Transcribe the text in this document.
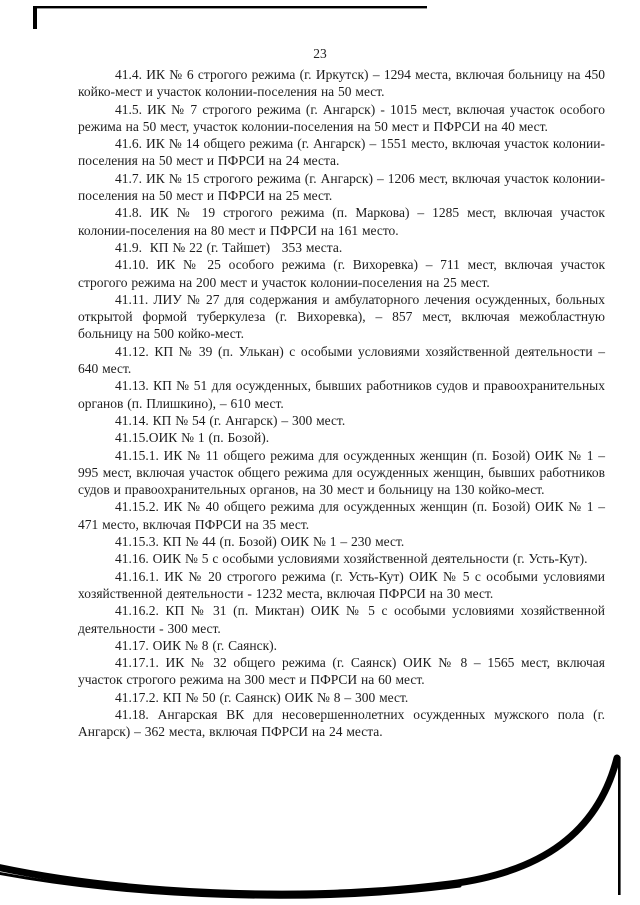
23

41.4. ИК № 6 строгого режима (г. Иркутск) – 1294 места, включая больницу на 450 койко-мест и участок колонии-поселения на 50 мест.

41.5. ИК № 7 строгого режима (г. Ангарск) - 1015 мест, включая участок особого режима на 50 мест, участок колонии-поселения на 50 мест и ПФРСИ на 40 мест.

41.6. ИК № 14 общего режима (г. Ангарск) – 1551 место, включая участок колонии-поселения на 50 мест и ПФРСИ на 24 места.

41.7. ИК № 15 строгого режима (г. Ангарск) – 1206 мест, включая участок колонии-поселения на 50 мест и ПФРСИ на 25 мест.

41.8. ИК № 19 строгого режима (п. Маркова) – 1285 мест, включая участок колонии-поселения на 80 мест и ПФРСИ на 161 место.

41.9.  КП № 22 (г. Тайшет)   353 места.

41.10. ИК № 25 особого режима (г. Вихоревка) – 711 мест, включая участок строгого режима на 200 мест и участок колонии-поселения на 25 мест.

41.11. ЛИУ № 27 для содержания и амбулаторного лечения осужденных, больных открытой формой туберкулеза (г. Вихоревка), – 857 мест, включая межобластную больницу на 500 койко-мест.

41.12. КП № 39 (п. Улькан) с особыми условиями хозяйственной деятельности – 640 мест.

41.13. КП № 51 для осужденных, бывших работников судов и правоохранительных органов (п. Плишкино), – 610 мест.

41.14. КП № 54 (г. Ангарск) – 300 мест.

41.15.ОИК № 1 (п. Бозой).

41.15.1. ИК № 11 общего режима для осужденных женщин (п. Бозой) ОИК № 1 – 995 мест, включая участок общего режима для осужденных женщин, бывших работников судов и правоохранительных органов, на 30 мест и больницу на 130 койко-мест.

41.15.2. ИК № 40 общего режима для осужденных женщин (п. Бозой) ОИК № 1 – 471 место, включая ПФРСИ на 35 мест.

41.15.3. КП № 44 (п. Бозой) ОИК № 1 – 230 мест.

41.16. ОИК № 5 с особыми условиями хозяйственной деятельности (г. Усть-Кут).

41.16.1. ИК № 20 строгого режима (г. Усть-Кут) ОИК № 5 с особыми условиями хозяйственной деятельности - 1232 места, включая ПФРСИ на 30 мест.

41.16.2. КП № 31 (п. Миктан) ОИК № 5 с особыми условиями хозяйственной деятельности - 300 мест.

41.17. ОИК № 8 (г. Саянск).

41.17.1. ИК № 32 общего режима (г. Саянск) ОИК № 8 – 1565 мест, включая участок строгого режима на 300 мест и ПФРСИ на 60 мест.

41.17.2. КП № 50 (г. Саянск) ОИК № 8 – 300 мест.

41.18. Ангарская ВК для несовершеннолетних осужденных мужского пола (г. Ангарск) – 362 места, включая ПФРСИ на 24 места.
